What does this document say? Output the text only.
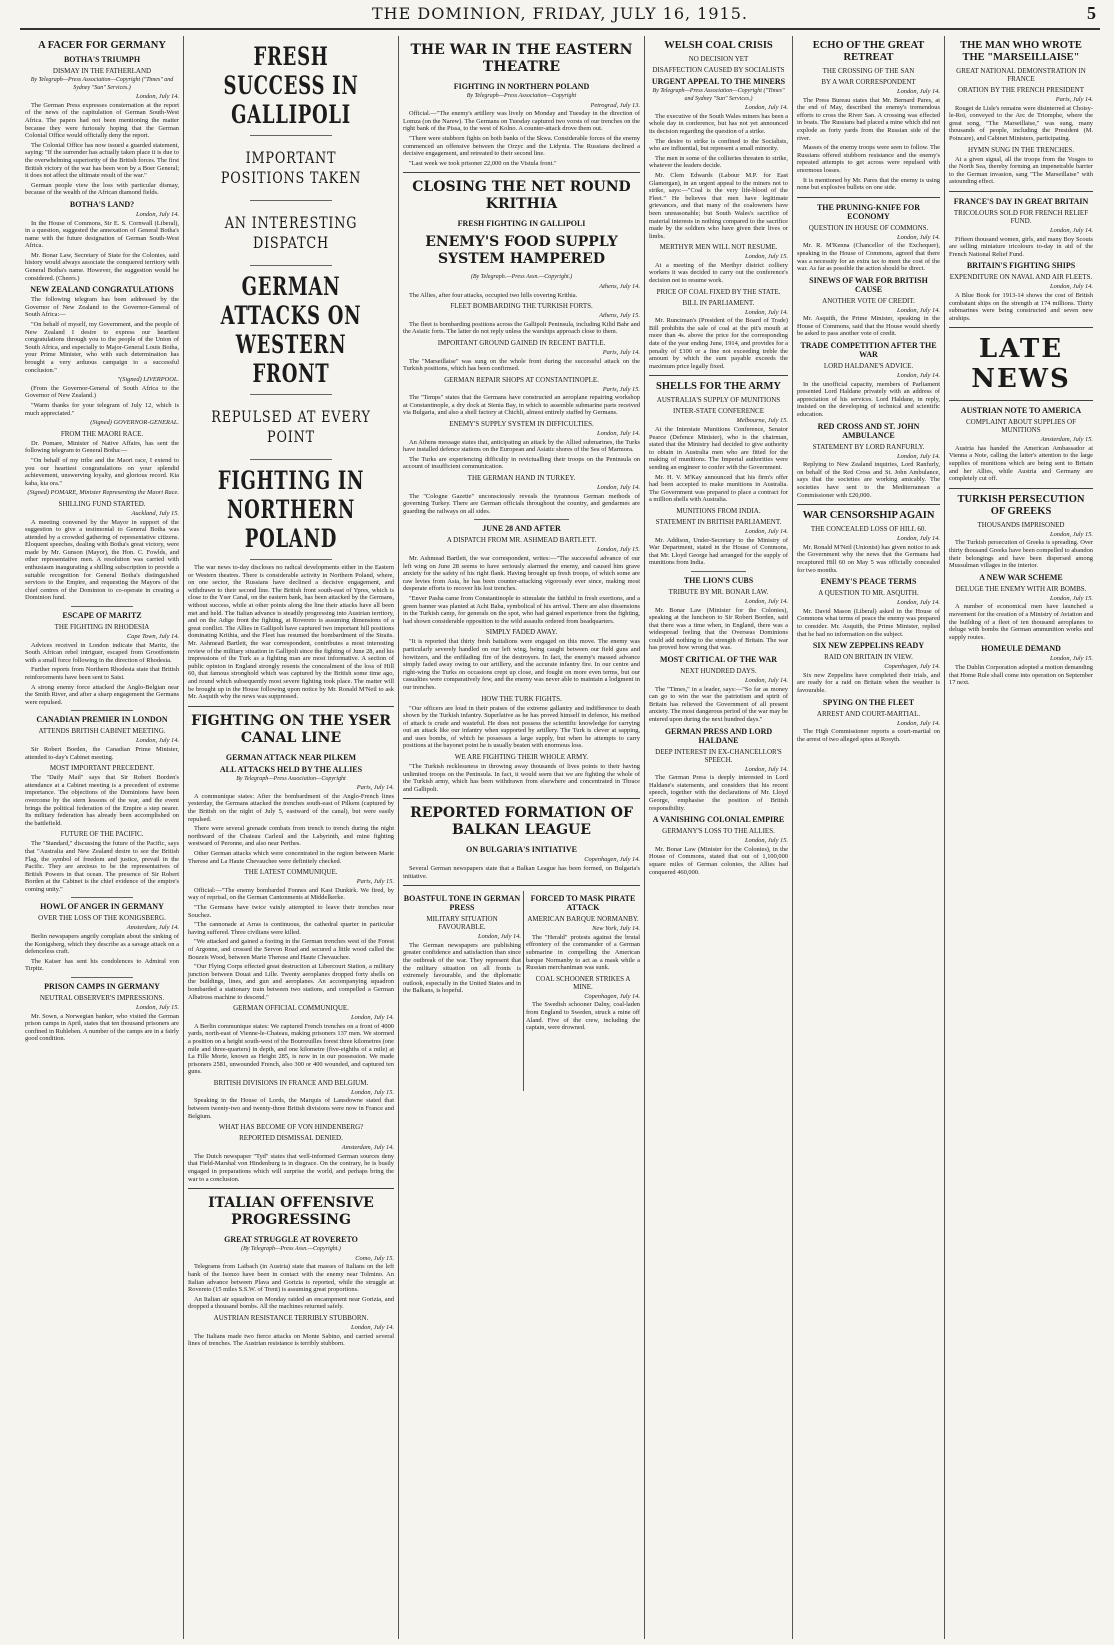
THE DOMINION, FRIDAY, JULY 16, 1915.	5
A FACER FOR GERMANY
BOTHA'S TRIUMPH
DISMAY IN THE FATHERLAND
By Telegraph—Press Association—Copyright ("Times" and Sydney "Sun" Services.)
London, July 14.

The German Press expresses consternation at the report of the news of the capitulation of German South-West Africa. The papers had not been mentioning the matter because they were furiously hoping that the German Colonial Office would officially deny the report.

The Colonial Office has now issued a guarded statement, saying: "If the surrender has actually taken place it is due to the overwhelming superiority of the British forces. The first British victory of the war has been won by a Boer General; it does not affect the ultimate result of the war."

German people view the loss with particular dismay, because of the wealth of the African diamond fields.

BOTHA'S LAND?
London, July 14.

In the House of Commons, Sir E. S. Cornwall (Liberal), in a question, suggested the annexation of General Botha's name with the future designation of German South-West Africa.

Mr. Bonar Law, Secretary of State for the Colonies, said history would always associate the conquered territory with General Botha's name. However, the suggestion would be considered. (Cheers.)

NEW ZEALAND CONGRATULATIONS

The following telegram has been addressed by the Governor of New Zealand to the Governor-General of South Africa:—

"On behalf of myself, my Government, and the people of New Zealand I desire to express our heartiest congratulations through you to the people of the Union of South Africa, and especially to Major-General Louis Botha, your Prime Minister, who with such determination has brought a very arduous campaign to a successful conclusion."

"(Signed) LIVERPOOL.

(From the Governor-General of South Africa to the Governor of New Zealand.)

"Warm thanks for your telegram of July 12, which is much appreciated."

(Signed) GOVERNOR-GENERAL.
FROM THE MAORI RACE.

Dr. Pomare, Minister of Native Affairs, has sent the following telegram to General Botha:—

"On behalf of my tribe and the Maori race, I extend to you our heartiest congratulations on your splendid achievement, unswerving loyalty, and glorious record. Kia kaha, kia ora."

(Signed) POMARE, Minister Representing the Maori Race.
SHILLING FUND STARTED.
Auckland, July 15.

A meeting convened by the Mayor in support of the suggestion to give a testimonial to General Botha was attended by a crowded gathering of representative citizens. Eloquent speeches, dealing with Botha's great victory, were made by Mr. Gunson (Mayor), the Hon. C. Fowlds, and other representative men. A resolution was carried with enthusiasm inaugurating a shilling subscription to provide a suitable recognition for General Botha's distinguished services to the Empire, and requesting the Mayors of the chief centres of the Dominion to co-operate in creating a Dominion fund.

ESCAPE OF MARITZ
THE FIGHTING IN RHODESIA
Cape Town, July 14.

Advices received in London indicate that Maritz, the South African rebel intriguer, escaped from Grootfontein with a small force following in the direction of Rhodesia.

Further reports from Northern Rhodesia state that British reinforcements have been sent to Saisi.

A strong enemy force attacked the Anglo-Belgian near the Smith River, and after a sharp engagement the Germans were repulsed.

CANADIAN PREMIER IN LONDON
ATTENDS BRITISH CABINET MEETING.
London, July 14.

Sir Robert Borden, the Canadian Prime Minister, attended to-day's Cabinet meeting.

MOST IMPORTANT PRECEDENT.

The "Daily Mail" says that Sir Robert Borden's attendance at a Cabinet meeting is a precedent of extreme importance. The objections of the Dominions have been overcome by the stern lessons of the war, and the event brings the political federation of the Empire a step nearer. Its military federation has already been accomplished on the battlefield.

FUTURE OF THE PACIFIC.

The "Standard," discussing the future of the Pacific, says that "Australia and New Zealand desire to see the British Flag, the symbol of freedom and justice, prevail in the Pacific. They are anxious to be the representatives of British Powers in that ocean. The presence of Sir Robert Borden at the Cabinet is the chief evidence of the empire's coming unity."

HOWL OF ANGER IN GERMANY
OVER THE LOSS OF THE KONIGSBERG.
Amsterdam, July 14.

Berlin newspapers angrily complain about the sinking of the Konigsberg, which they describe as a savage attack on a defenceless craft.

The Kaiser has sent his condolences to Admiral von Tirpitz.

PRISON CAMPS IN GERMANY
NEUTRAL OBSERVER'S IMPRESSIONS.
London, July 15.

Mr. Sown, a Norwegian banker, who visited the German prison camps in April, states that ten thousand prisoners are confined in Ruhleben. A number of the camps are in a fairly good condition.

FRESH SUCCESS IN GALLIPOLI
IMPORTANT POSITIONS TAKEN
AN INTERESTING DISPATCH
GERMAN ATTACKS ON WESTERN FRONT
REPULSED AT EVERY POINT
FIGHTING IN NORTHERN POLAND

The war news to-day discloses no radical developments either in the Eastern or Western theatres. There is considerable activity in Northern Poland, where, on one sector, the Russians have declined a decisive engagement, and withdrawn to their second line. The British front south-east of Ypres, which is close to the Yser Canal, on the eastern bank, has been attacked by the Germans, without success, while at other points along the line their attacks have all been met and held. The Italian advance is steadily progressing into Austrian territory, and on the Adige front the fighting, at Rovereto is assuming dimensions of a great conflict. The Allies in Gallipoli have captured two important hill positions dominating Krithia, and the Fleet has resumed the bombardment of the Straits. Mr. Ashmead Bartlett, the war correspondent, contributes a most interesting review of the military situation in Gallipoli since the fighting of June 28, and his impressions of the Turk as a fighting man are most informative. A section of public opinion in England strongly resents the concealment of the loss of Hill 60, that famous stronghold which was captured by the British some time ago, and round which subsequently most severe fighting took place. The matter will be brought up in the House following upon notice by Mr. Ronald M'Neil to ask Mr. Asquith why the news was suppressed.

FIGHTING ON THE YSER CANAL LINE
GERMAN ATTACK NEAR PILKEM
ALL ATTACKS HELD BY THE ALLIES
By Telegraph—Press Association—Copyright
Paris, July 14.

A communique states: After the bombardment of the Anglo-French lines yesterday, the Germans attacked the trenches south-east of Pilkem (captured by the British on the night of July 5, eastward of the canal), but were easily repulsed.

There were several grenade combats from trench to trench during the night northward of the Chateau Carleul and the Labyrinth, and mine fighting westward of Peronne, and also near Perthes.

Other German attacks which were concentrated in the region between Marie Therese and La Haute Chevauchee were definitely checked.

THE LATEST COMMUNIQUE.
Paris, July 15.

Official:—"The enemy bombarded Fonnes and Kast Dunkirk. We fired, by way of reprisal, on the German Cantonments at Middelkerke.

"The Germans have twice vainly attempted to leave their trenches near Souchez.

"The cannonade at Arras is continuous, the cathedral quarter in particular having suffered. Three civilians were killed.

"We attacked and gained a footing in the German trenches west of the Forest of Argonne, and crossed the Servon Road and secured a little wood called the Bouzeis Wood, between Marie Therese and Haute Chevauchee.

"Our Flying Corps effected great destruction at Libercourt Station, a military junction between Douai and Lille. Twenty aeroplanes dropped forty shells on the buildings, lines, and gun and aeroplanes. An accompanying squadron bombarded a stationary train between two stations, and compelled a German Albatross machine to descend."

GERMAN OFFICIAL COMMUNIQUE.
London, July 14.

A Berlin communique states: We captured French trenches on a front of 4000 yards, north-east of Vienne-le-Chateau, making prisoners 137 men. We stormed a position on a height south-west of the Bourreuilles forest three kilometres (one mile and three-quarters) in depth, and one kilometre (five-eighths of a mile) at La Fille Morte, known as Height 285, is now in in our possession. We made prisoners 2581, unwounded French, also 300 or 400 wounded, and captured ten guns.

BRITISH DIVISIONS IN FRANCE AND BELGIUM.
London, July 15.

Speaking in the House of Lords, the Marquis of Lansdowne stated that between twenty-two and twenty-three British divisions were now in France and Belgium.

WHAT HAS BECOME OF VON HINDENBERG?
REPORTED DISMISSAL DENIED.
Amsterdam, July 14.

The Dutch newspaper "Tyd" states that well-informed German sources deny that Field-Marshal von Hindenburg is in disgrace. On the contrary, he is busily engaged in preparations which will surprise the world, and perhaps bring the war to a conclusion.

ITALIAN OFFENSIVE PROGRESSING
GREAT STRUGGLE AT ROVERETO
(By Telegraph—Press Assn.—Copyright.)
Como, July 15.

Telegrams from Laibach (in Austria) state that masses of Italians on the left bank of the Isonzo have been in contact with the enemy near Tolmino. An Italian advance between Plava and Gorizia is reported, while the struggle at Rovereto (15 miles S.S.W. of Trent) is assuming great proportions.

An Italian air squadron on Monday raided an encampment near Gorizia, and dropped a thousand bombs. All the machines returned safely.

AUSTRIAN RESISTANCE TERRIBLY STUBBORN.
London, July 14.

The Italians made two fierce attacks on Monte Sabino, and carried several lines of trenches. The Austrian resistance is terribly stubborn.

THE WAR IN THE EASTERN THEATRE
FIGHTING IN NORTHERN POLAND
By Telegraph—Press Association—Copyright
Petrograd, July 13.

Official.—"The enemy's artillery was lively on Monday and Tuesday in the direction of Lomza (on the Narew). The Germans on Tuesday captured two vorsts of our trenches on the right bank of the Pissa, to the west of Kolno. A counter-attack drove them out.

"There were stubborn fights on both banks of the Skwa. Considerable forces of the enemy commenced an offensive between the Orzyc and the Lidynia. The Russians declined a decisive engagement, and retreated to their second line.

"Last week we took prisoner 22,000 on the Vistula front."

CLOSING THE NET ROUND KRITHIA
FRESH FIGHTING IN GALLIPOLI
ENEMY'S FOOD SUPPLY SYSTEM HAMPERED
(By Telegraph.—Press Assn.—Copyright.)
Athens, July 14.

The Allies, after four attacks, occupied two hills covering Krithia.

FLEET BOMBARDING THE TURKISH FORTS.
Athens, July 15.

The fleet is bombarding positions across the Gallipoli Peninsula, including Kilid Bahr and the Asiatic forts. The latter do not reply unless the warships approach close to them.

IMPORTANT GROUND GAINED IN RECENT BATTLE.
Paris, July 14.

The "Marseillaise" was sung on the whole front during the successful attack on the Turkish positions, which has been confirmed.

GERMAN REPAIR SHOPS AT CONSTANTINOPLE.
Paris, July 15.

The "Temps" states that the Germans have constructed an aeroplane repairing workshop at Constantinople, a dry dock at Stenia Bay, in which to assemble submarine parts received via Bulgaria, and also a shell factory at Chichli, almost entirely staffed by Germans.

ENEMY'S SUPPLY SYSTEM IN DIFFICULTIES.
London, July 14.

An Athens message states that, anticipating an attack by the Allied submarines, the Turks have installed defence stations on the European and Asiatic shores of the Sea of Marmora.

The Turks are experiencing difficulty in revictualling their troops on the Peninsula on account of insufficient communication.

THE GERMAN HAND IN TURKEY.
London, July 14.

The "Cologne Gazette" unconsciously reveals the tyrannous German methods of governing Turkey. There are German officials throughout the country, and gendarmes are guarding the railways on all sides.

JUNE 28 AND AFTER
A DISPATCH FROM MR. ASHMEAD BARTLETT.
London, July 15.

Mr. Ashmead Bartlett, the war correspondent, writes:—"The successful advance of our left wing on June 28 seems to have seriously alarmed the enemy, and caused him grave anxiety for the safety of his right flank. Having brought up fresh troops, of which some are raw levies from Asia, he has been counter-attacking vigorously ever since, making most desperate efforts to recover his lost trenches.

"Enver Pasha came from Constantinople to stimulate the faithful in fresh exertions, and a green banner was planted at Achi Baba, symbolical of his arrival. There are also dissensions in the Turkish camp, for generals on the spot, who had gained experience from the fighting, had shown considerable opposition to the wild assaults ordered from headquarters.

SIMPLY FADED AWAY.

"It is reported that thirty fresh battalions were engaged on this move. The enemy was particularly severely handled on our left wing, being caught between our field guns and howitzers, and the enfilading fire of the destroyers. In fact, the enemy's massed advance simply faded away owing to our artillery, and the accurate infantry fire. In our centre and right-wing the Turks on occasions crept up close, and fought on more even terms, but our casualties were comparatively few, and the enemy was never able to maintain a lodgment in our trenches.

HOW THE TURK FIGHTS.

"Our officers are loud in their praises of the extreme gallantry and indifference to death shown by the Turkish infantry. Superlative as he has proved himself in defence, his method of attack is crude and wasteful. He does not possess the scientific knowledge for carrying out an attack like our infantry when supported by artillery. The Turk is clever at sapping, and uses bombs, of which he possesses a large supply, but when he attempts to carry positions at the bayonet point he is usually beaten with enormous loss.

WE ARE FIGHTING THEIR WHOLE ARMY.

"The Turkish recklessness in throwing away thousands of lives points to their having unlimited troops on the Peninsula. In fact, it would seem that we are fighting the whole of the Turkish army, which has been withdrawn from elsewhere and concentrated in Thrace and Gallipoli.

REPORTED FORMATION OF BALKAN LEAGUE
ON BULGARIA'S INITIATIVE
Copenhagen, July 14.

Several German newspapers state that a Balkan League has been formed, on Bulgaria's initiative.

BOASTFUL TONE IN GERMAN PRESS
MILITARY SITUATION FAVOURABLE.
London, July 14.

The German newspapers are publishing greater confidence and satisfaction than since the outbreak of the war. They represent that the military situation on all fronts is extremely favourable, and the diplomatic outlook, especially in the United States and in the Balkans, is hopeful.

FORCED TO MASK PIRATE ATTACK
AMERICAN BARQUE NORMANBY.
New York, July 14.

The "Herald" protests against the brutal effrontery of the commander of a German submarine in compelling the American barque Normanby to act as a mask while a Russian merchantman was sunk.

COAL SCHOONER STRIKES A MINE.
Copenhagen, July 14.

The Swedish schooner Dalny, coal-laden from England to Sweden, struck a mine off Aland. Five of the crew, including the captain, were drowned.

WELSH COAL CRISIS
NO DECISION YET
DISAFFECTION CAUSED BY SOCIALISTS
URGENT APPEAL TO THE MINERS
By Telegraph—Press Association—Copyright ("Times" and Sydney "Sun" Services.)
London, July 14.

The executive of the South Wales miners has been a whole day in conference, but has not yet announced its decision regarding the question of a strike.

The desire to strike is confined to the Socialists, who are influential, but represent a small minority.

The men in some of the collieries threaten to strike, whatever the leaders decide.

Mr. Clem Edwards (Labour M.P. for East Glamorgan), in an urgent appeal to the miners not to strike, says:—"Coal is the very life-blood of the Fleet." He believes that men have legitimate grievances, and that many of the coalowners have been unreasonable; but South Wales's sacrifice of material interests in nothing compared to the sacrifice made by the soldiers who have given their lives or limbs.

MERTHYR MEN WILL NOT RESUME.
London, July 15.

At a meeting of the Merthyr district colliery workers it was decided to carry out the conference's decision not to resume work.

PRICE OF COAL FIXED BY THE STATE.
BILL IN PARLIAMENT.
London, July 14.

Mr. Runciman's (President of the Board of Trade) Bill prohibits the sale of coal at the pit's mouth at more than 4s. above the price for the corresponding date of the year ending June, 1914, and provides for a penalty of £100 or a fine not exceeding treble the amount by which the sum payable exceeds the maximum price legally fixed.

SHELLS FOR THE ARMY
AUSTRALIA'S SUPPLY OF MUNITIONS
INTER-STATE CONFERENCE
Melbourne, July 15.

At the Interstate Munitions Conference, Senator Pearce (Defence Minister), who is the chairman, stated that the Ministry had decided to give authority to obtain in Australia men who are fitted for the making of munitions. The Imperial authorities were sending an engineer to confer with the Government.

Mr. H. V. M'Kay announced that his firm's offer had been accepted to make munitions in Australia. The Government was prepared to place a contract for a million shells with Australia.

MUNITIONS FROM INDIA.
STATEMENT IN BRITISH PARLIAMENT.
London, July 14.

Mr. Addison, Under-Secretary to the Ministry of War Department, stated in the House of Commons, that Mr. Lloyd George had arranged for the supply of munitions from India.

THE LION'S CUBS
TRIBUTE BY MR. BONAR LAW.
London, July 14.

Mr. Bonar Law (Minister for the Colonies), speaking at the luncheon to Sir Robert Borden, said that there was a time when, in England, there was a widespread feeling that the Overseas Dominions could add nothing to the strength of Britain. The war has proved how wrong that was.

MOST CRITICAL OF THE WAR
NEXT HUNDRED DAYS.
London, July 14.

The "Times," in a leader, says:—"So far as money can go to win the war the patriotism and spirit of Britain has relieved the Government of all present anxiety. The most dangerous period of the war may be entered upon during the next hundred days."

GERMAN PRESS AND LORD HALDANE
DEEP INTEREST IN EX-CHANCELLOR'S SPEECH.
London, July 14.

The German Press is deeply interested in Lord Haldane's statements, and considers that his recent speech, together with the declarations of Mr. Lloyd George, emphasise the position of British responsibility.

A VANISHING COLONIAL EMPIRE
GERMANY'S LOSS TO THE ALLIES.
London, July 15.

Mr. Bonar Law (Minister for the Colonies), in the House of Commons, stated that out of 1,100,000 square miles of German colonies, the Allies had conquered 460,000.

ECHO OF THE GREAT RETREAT
THE CROSSING OF THE SAN
BY A WAR CORRESPONDENT
London, July 14.

The Press Bureau states that Mr. Bernard Pares, at the end of May, described the enemy's tremendous efforts to cross the River San. A crossing was effected in boats. The Russians had placed a mine which did not explode as forty yards from the Russian side of the river.

Masses of the enemy troops were seen to follow. The Russians offered stubborn resistance and the enemy's repeated attempts to get across were repulsed with enormous losses.

It is mentioned by Mr. Pares that the enemy is using none but explosive bullets on one side.

THE PRUNING-KNIFE FOR ECONOMY
QUESTION IN HOUSE OF COMMONS.
London, July 14.

Mr. R. M'Kenna (Chancellor of the Exchequer), speaking in the House of Commons, agreed that there was a necessity for an extra tax to meet the cost of the war. As far as possible the action should be direct.

SINEWS OF WAR FOR BRITISH CAUSE
ANOTHER VOTE OF CREDIT.
London, July 14.

Mr. Asquith, the Prime Minister, speaking in the House of Commons, said that the House would shortly be asked to pass another vote of credit.

TRADE COMPETITION AFTER THE WAR
LORD HALDANE'S ADVICE.
London, July 14.

In the unofficial capacity, members of Parliament presented Lord Haldane privately with an address of appreciation of his services. Lord Haldane, in reply, insisted on the developing of technical and scientific education.

RED CROSS AND ST. JOHN AMBULANCE
STATEMENT BY LORD RANFURLY.
London, July 14.

Replying to New Zealand inquiries, Lord Ranfurly, on behalf of the Red Cross and St. John Ambulance, says that the societies are working amicably. The societies have sent to the Mediterranean a Commissioner with £20,000.

WAR CENSORSHIP AGAIN
THE CONCEALED LOSS OF HILL 60.
London, July 14.

Mr. Ronald M'Neil (Unionist) has given notice to ask the Government why the news that the Germans had recaptured Hill 60 on May 5 was officially concealed for two months.

ENEMY'S PEACE TERMS
A QUESTION TO MR. ASQUITH.
London, July 14.

Mr. David Mason (Liberal) asked in the House of Commons what terms of peace the enemy was prepared to consider. Mr. Asquith, the Prime Minister, replied that he had no information on the subject.

SIX NEW ZEPPELINS READY
RAID ON BRITAIN IN VIEW.
Copenhagen, July 14.

Six new Zeppelins have completed their trials, and are ready for a raid on Britain when the weather is favourable.

SPYING ON THE FLEET
ARREST AND COURT-MARTIAL.
London, July 14.

The High Commissioner reports a court-martial on the arrest of two alleged spies at Rosyth.

THE MAN WHO WROTE THE "MARSEILLAISE"
GREAT NATIONAL DEMONSTRATION IN FRANCE
ORATION BY THE FRENCH PRESIDENT
Paris, July 14.

Rouget de Lisle's remains were disinterred at Choisy-le-Roi, conveyed to the Arc de Triomphe, where the great song, "The Marseillaise," was sung, many thousands of people, including the President (M. Poincare), and Cabinet Ministers, participating.

HYMN SUNG IN THE TRENCHES.

At a given signal, all the troops from the Vosges to the North Sea, thereby forming an impenetrable barrier to the German invasion, sang "The Marseillaise" with astounding effect.

FRANCE'S DAY IN GREAT BRITAIN
TRICOLOURS SOLD FOR FRENCH RELIEF FUND.
London, July 14.

Fifteen thousand women, girls, and many Boy Scouts are selling miniature tricolours to-day in aid of the French National Relief Fund.

BRITAIN'S FIGHTING SHIPS
EXPENDITURE ON NAVAL AND AIR FLEETS.
London, July 14.

A Blue Book for 1913-14 shows the cost of British combatant ships on the strength at 174 millions. Thirty submarines were being constructed and seven new airships.

LATE NEWS
AUSTRIAN NOTE TO AMERICA
COMPLAINT ABOUT SUPPLIES OF MUNITIONS
Amsterdam, July 15.

Austria has handed the American Ambassador at Vienna a Note, calling the latter's attention to the large supplies of munitions which are being sent to Britain and her Allies, while Austria and Germany are completely cut off.

TURKISH PERSECUTION OF GREEKS
THOUSANDS IMPRISONED
London, July 15.

The Turkish persecution of Greeks is spreading. Over thirty thousand Greeks have been compelled to abandon their belongings and have been dispersed among Mussulman villages in the interior.

A NEW WAR SCHEME
DELUGE THE ENEMY WITH AIR BOMBS.
London, July 15.

A number of economical men have launched a movement for the creation of a Ministry of Aviation and the building of a fleet of ten thousand aeroplanes to deluge with bombs the German ammunition works and supply routes.

HOMEULE DEMAND
London, July 15.

The Dublin Corporation adopted a motion demanding that Home Rule shall come into operation on September 17 next.
